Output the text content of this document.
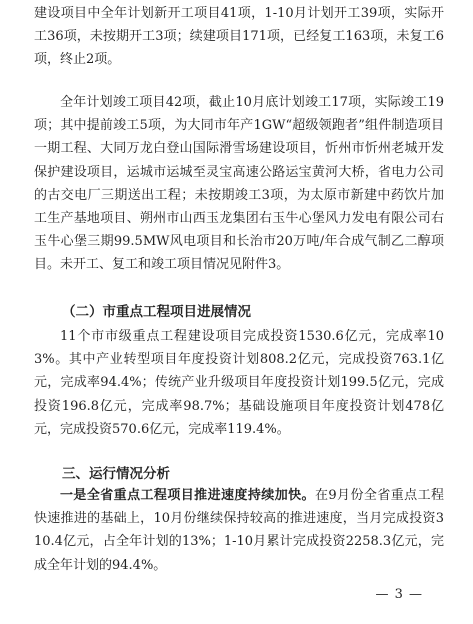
建设项目中全年计划新开工项目41项，1-10月计划开工39项，实际开工36项，未按期开工3项；续建项目171项，已经复工163项，未复工6项，终止2项。

全年计划竣工项目42项，截止10月底计划竣工17项，实际竣工19项；其中提前竣工5项，为大同市年产1GW“超级领跑者”组件制造项目一期工程、大同万龙白登山国际滑雪场建设项目，忻州市忻州老城开发保护建设项目，运城市运城至灵宝高速公路运宝黄河大桥，省电力公司的古交电厂三期送出工程；未按期竣工3项，为太原市新建中药饮片加工生产基地项目、朔州市山西玉龙集团右玉牛心堡风力发电有限公司右玉牛心堡三期99.5MW风电项目和长治市20万吨/年合成气制乙二醇项目。未开工、复工和竣工项目情况见附件3。

（二）市重点工程项目进展情况

11个市市级重点工程建设项目完成投资1530.6亿元，完成率103%。其中产业转型项目年度投资计划808.2亿元，完成投资763.1亿元，完成率94.4%；传统产业升级项目年度投资计划199.5亿元，完成投资196.8亿元，完成率98.7%；基础设施项目年度投资计划478亿元，完成投资570.6亿元，完成率119.4%。

三、运行情况分析

一是全省重点工程项目推进速度持续加快。在9月份全省重点工程快速推进的基础上，10月份继续保持较高的推进速度，当月完成投资310.4亿元，占全年计划的13%；1-10月累计完成投资2258.3亿元，完成全年计划的94.4%。

— 3 —
